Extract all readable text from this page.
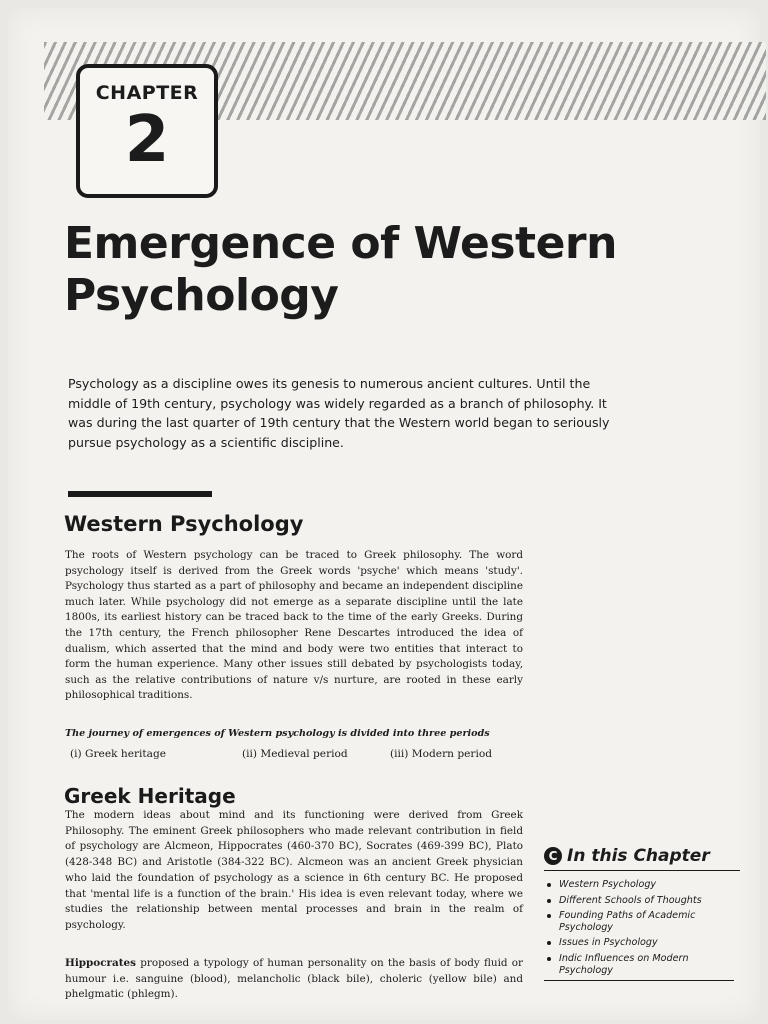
CHAPTER
2
Emergence of Western Psychology

Psychology as a discipline owes its genesis to numerous ancient cultures. Until the middle of 19th century, psychology was widely regarded as a branch of philosophy. It was during the last quarter of 19th century that the Western world began to seriously pursue psychology as a scientific discipline.

Western Psychology

The roots of Western psychology can be traced to Greek philosophy. The word psychology itself is derived from the Greek words 'psyche' which means 'study'. Psychology thus started as a part of philosophy and became an independent discipline much later. While psychology did not emerge as a separate discipline until the late 1800s, its earliest history can be traced back to the time of the early Greeks. During the 17th century, the French philosopher Rene Descartes introduced the idea of dualism, which asserted that the mind and body were two entities that interact to form the human experience. Many other issues still debated by psychologists today, such as the relative contributions of nature v/s nurture, are rooted in these early philosophical traditions.

The journey of emergences of Western psychology is divided into three periods

(i) Greek heritage	(ii) Medieval period	(iii) Modern period
Greek Heritage

The modern ideas about mind and its functioning were derived from Greek Philosophy. The eminent Greek philosophers who made relevant contribution in field of psychology are Alcmeon, Hippocrates (460-370 BC), Socrates (469-399 BC), Plato (428-348 BC) and Aristotle (384-322 BC). Alcmeon was an ancient Greek physician who laid the foundation of psychology as a science in 6th century BC. He proposed that 'mental life is a function of the brain.' His idea is even relevant today, where we studies the relationship between mental processes and brain in the realm of psychology.

Hippocrates proposed a typology of human personality on the basis of body fluid or humour i.e. sanguine (blood), melancholic (black bile), choleric (yellow bile) and phelgmatic (phlegm).

C In this Chapter
Western Psychology
Different Schools of Thoughts
Founding Paths of Academic Psychology
Issues in Psychology
Indic Influences on Modern Psychology
